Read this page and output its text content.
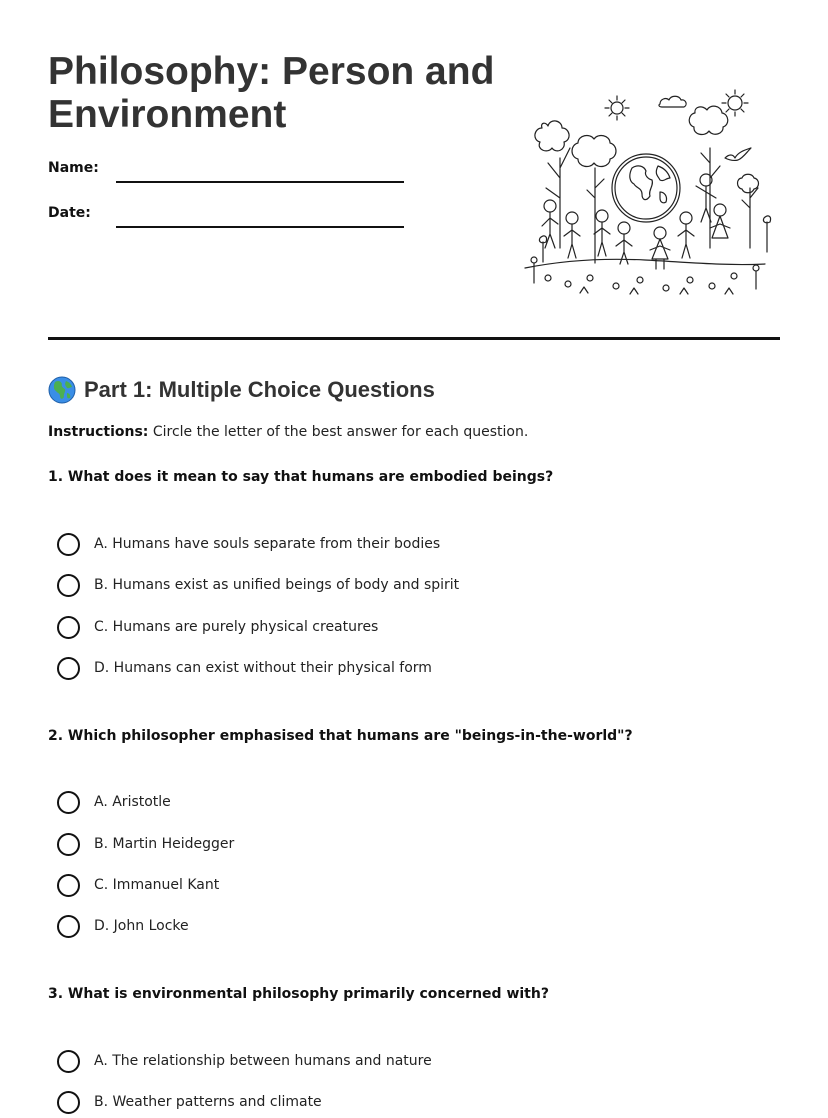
Philosophy: Person and Environment
Name:
Date:
Part 1: Multiple Choice Questions
Instructions: Circle the letter of the best answer for each question.
1. What does it mean to say that humans are embodied beings?
A. Humans have souls separate from their bodies
B. Humans exist as unified beings of body and spirit
C. Humans are purely physical creatures
D. Humans can exist without their physical form
2. Which philosopher emphasised that humans are "beings-in-the-world"?
A. Aristotle
B. Martin Heidegger
C. Immanuel Kant
D. John Locke
3. What is environmental philosophy primarily concerned with?
A. The relationship between humans and nature
B. Weather patterns and climate
